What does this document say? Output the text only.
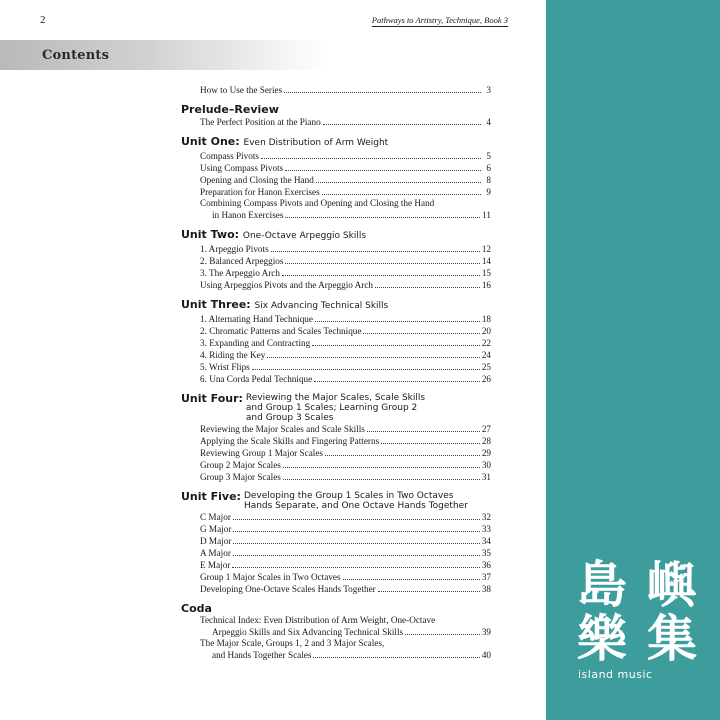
2	Pathways to Artistry, Technique, Book 3
Contents
How to Use the Series	3
Prelude–Review
The Perfect Position at the Piano	4
Unit One: Even Distribution of Arm Weight
Compass Pivots	5
Using Compass Pivots	6
Opening and Closing the Hand	8
Preparation for Hanon Exercises	9
Combining Compass Pivots and Opening and Closing the Hand
in Hanon Exercises	11
Unit Two: One-Octave Arpeggio Skills
1. Arpeggio Pivots	12
2. Balanced Arpeggios	14
3. The Arpeggio Arch	15
Using Arpeggios Pivots and the Arpeggio Arch	16
Unit Three: Six Advancing Technical Skills
1. Alternating Hand Technique	18
2. Chromatic Patterns and Scales Technique	20
3. Expanding and Contracting	22
4. Riding the Key	24
5. Wrist Flips	25
6. Una Corda Pedal Technique	26
Unit Four: Reviewing the Major Scales, Scale Skills
and Group 1 Scales; Learning Group 2
and Group 3 Scales
Reviewing the Major Scales and Scale Skills	27
Applying the Scale Skills and Fingering Patterns	28
Reviewing Group 1 Major Scales	29
Group 2 Major Scales	30
Group 3 Major Scales	31
Unit Five: Developing the Group 1 Scales in Two Octaves
Hands Separate, and One Octave Hands Together
C Major	32
G Major	33
D Major	34
A Major	35
E Major	36
Group 1 Major Scales in Two Octaves	37
Developing One-Octave Scales Hands Together	38
Coda
Technical Index: Even Distribution of Arm Weight, One-Octave
Arpeggio Skills and Six Advancing Technical Skills	39
The Major Scale, Groups 1, 2 and 3 Major Scales,
and Hands Together Scales	40
島 嶼
樂 集
island music
